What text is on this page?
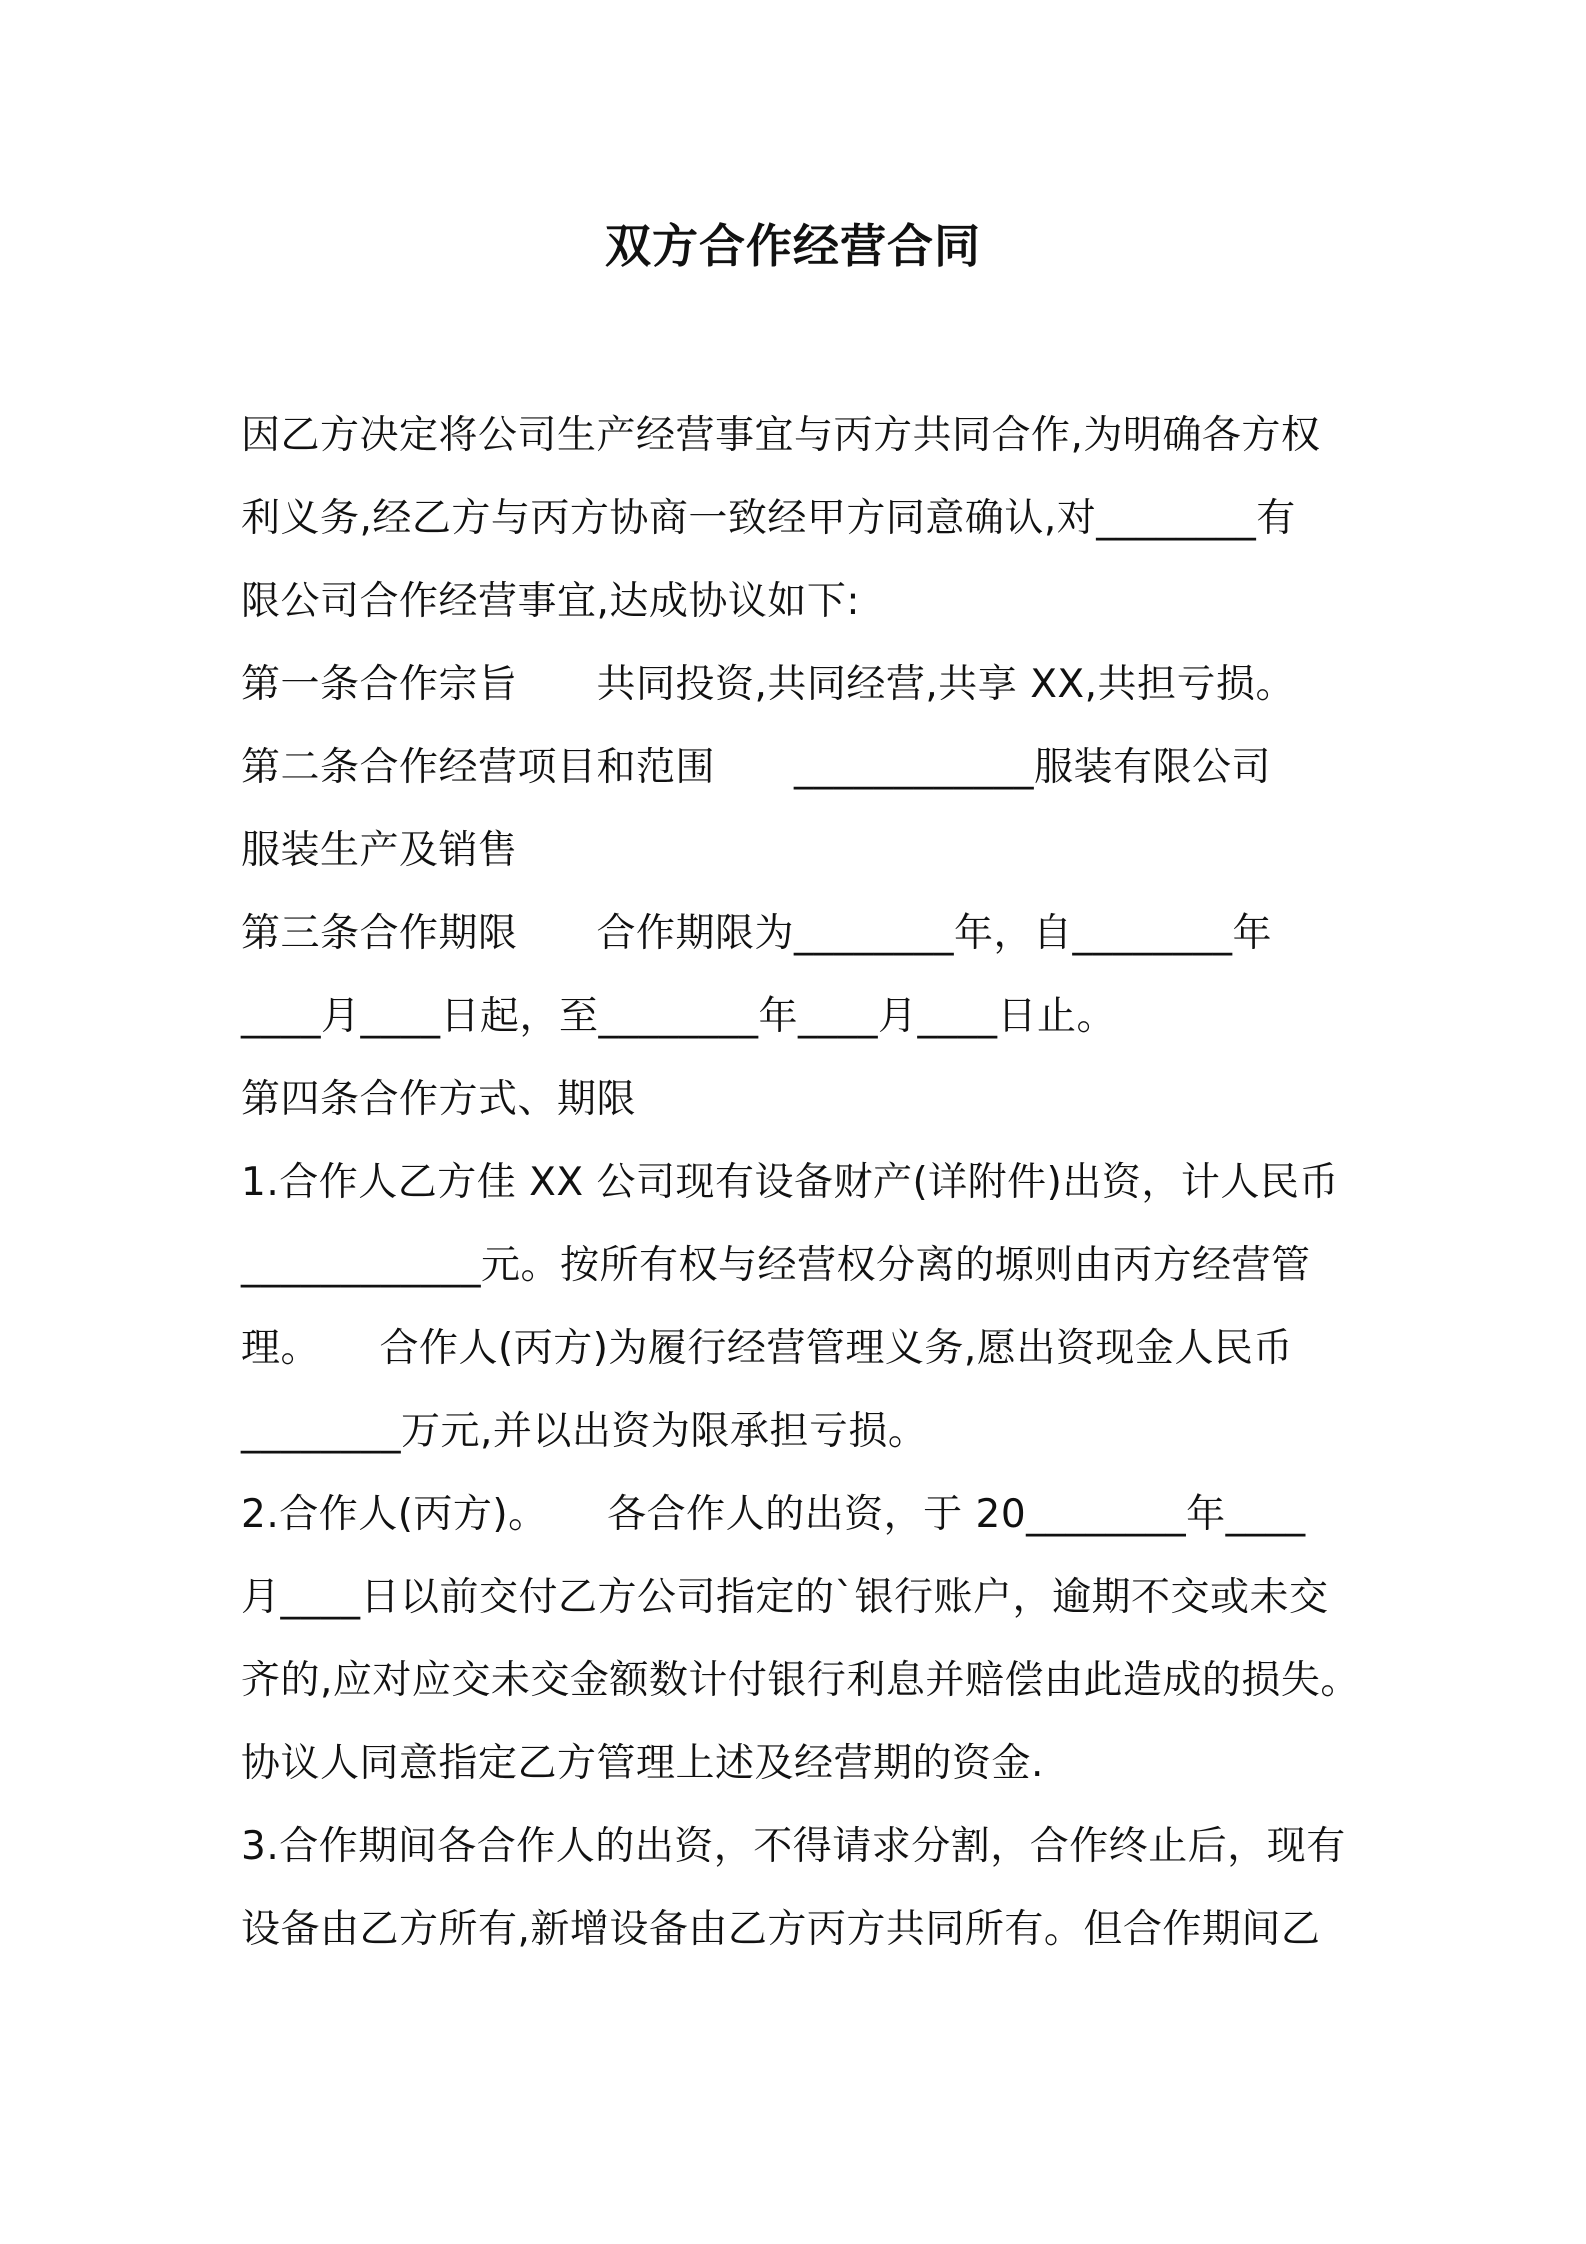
双方合作经营合同
因乙方决定将公司生产经营事宜与丙方共同合作,为明确各方权
利义务,经乙方与丙方协商一致经甲方同意确认,对________有
限公司合作经营事宜,达成协议如下:
第一条合作宗旨　　共同投资,共同经营,共享 XX,共担亏损。
第二条合作经营项目和范围　　____________服装有限公司
服装生产及销售
第三条合作期限　　合作期限为________年，自________年
____月____日起，至________年____月____日止。
第四条合作方式、期限
1.合作人乙方佳 XX 公司现有设备财产(详附件)出资，计人民币
____________元。按所有权与经营权分离的塬则由丙方经营管
理。　　合作人(丙方)为履行经营管理义务,愿出资现金人民币
________万元,并以出资为限承担亏损。
2.合作人(丙方)。　　各合作人的出资，于 20________年____
月____日以前交付乙方公司指定的`银行账户，逾期不交或未交
齐的,应对应交未交金额数计付银行利息并赔偿由此造成的损失。
协议人同意指定乙方管理上述及经营期的资金.
3.合作期间各合作人的出资，不得请求分割，合作终止后，现有
设备由乙方所有,新增设备由乙方丙方共同所有。但合作期间乙
